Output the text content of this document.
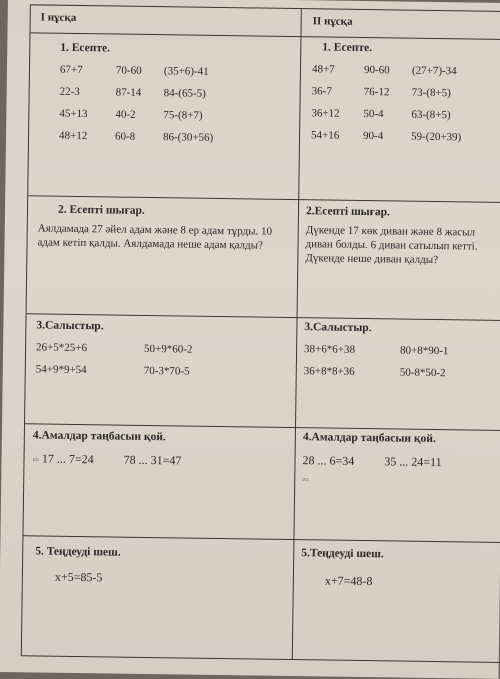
I нұсқа	II нұсқа
1. Есепте.
67+7	70-60	(35+6)-41
22-3	87-14	84-(65-5)
45+13	40-2	75-(8+7)
48+12	60-8	86-(30+56)
1. Есепте.
48+7	90-60	(27+7)-34
36-7	76-12	73-(8+5)
36+12	50-4	63-(8+5)
54+16	90-4	59-(20+39)
2. Есепті шығар.
Аялдамада 27 әйел адам және 8 ер адам тұрды. 10 адам кетіп қалды. Аялдамада неше адам қалды?
2.Есепті шығар.
Дүкенде 17 көк диван және 8 жасыл диван болды. 6 диван сатылып кетті. Дүкенде неше диван қалды?
3.Салыстыр.
26+5*25+6	50+9*60-2
54+9*9+54	70-3*70-5
3.Салыстыр.
38+6*6+38	80+8*90-1
36+8*8+36	50-8*50-2
4.Амалдар таңбасын қой.
▫▫ 17 ... 7=24 78 ... 31=47
4.Амалдар таңбасын қой.
28 ... 6=34 35 ... 24=11
▫▫
5. Теңдеуді шеш.
х+5=85-5
5.Теңдеуді шеш.
х+7=48-8
